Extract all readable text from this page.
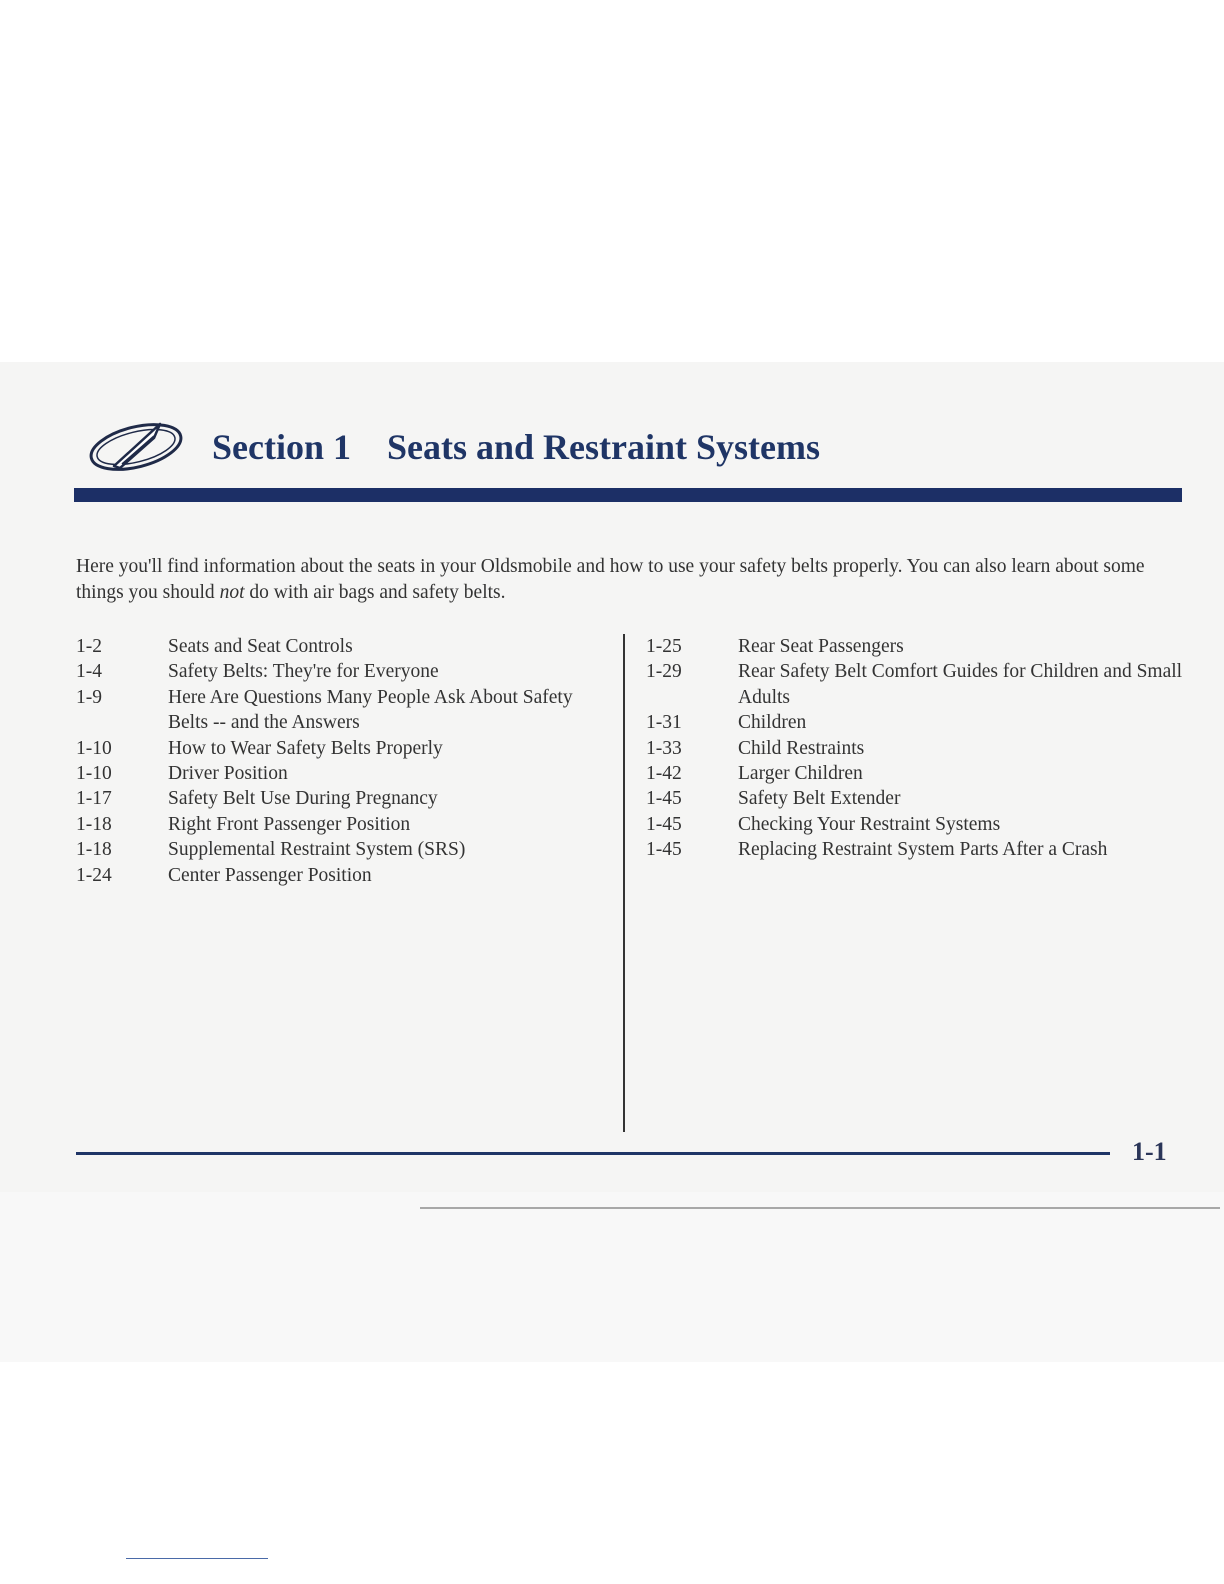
Section 1 Seats and Restraint Systems

Here you'll find information about the seats in your Oldsmobile and how to use your safety belts properly. You can also learn about some things you should not do with air bags and safety belts.

1-2	Seats and Seat Controls
1-4	Safety Belts: They're for Everyone
1-9	Here Are Questions Many People Ask About Safety Belts -- and the Answers
1-10	How to Wear Safety Belts Properly
1-10	Driver Position
1-17	Safety Belt Use During Pregnancy
1-18	Right Front Passenger Position
1-18	Supplemental Restraint System (SRS)
1-24	Center Passenger Position
1-25	Rear Seat Passengers
1-29	Rear Safety Belt Comfort Guides for Children and Small Adults
1-31	Children
1-33	Child Restraints
1-42	Larger Children
1-45	Safety Belt Extender
1-45	Checking Your Restraint Systems
1-45	Replacing Restraint System Parts After a Crash
1-1
